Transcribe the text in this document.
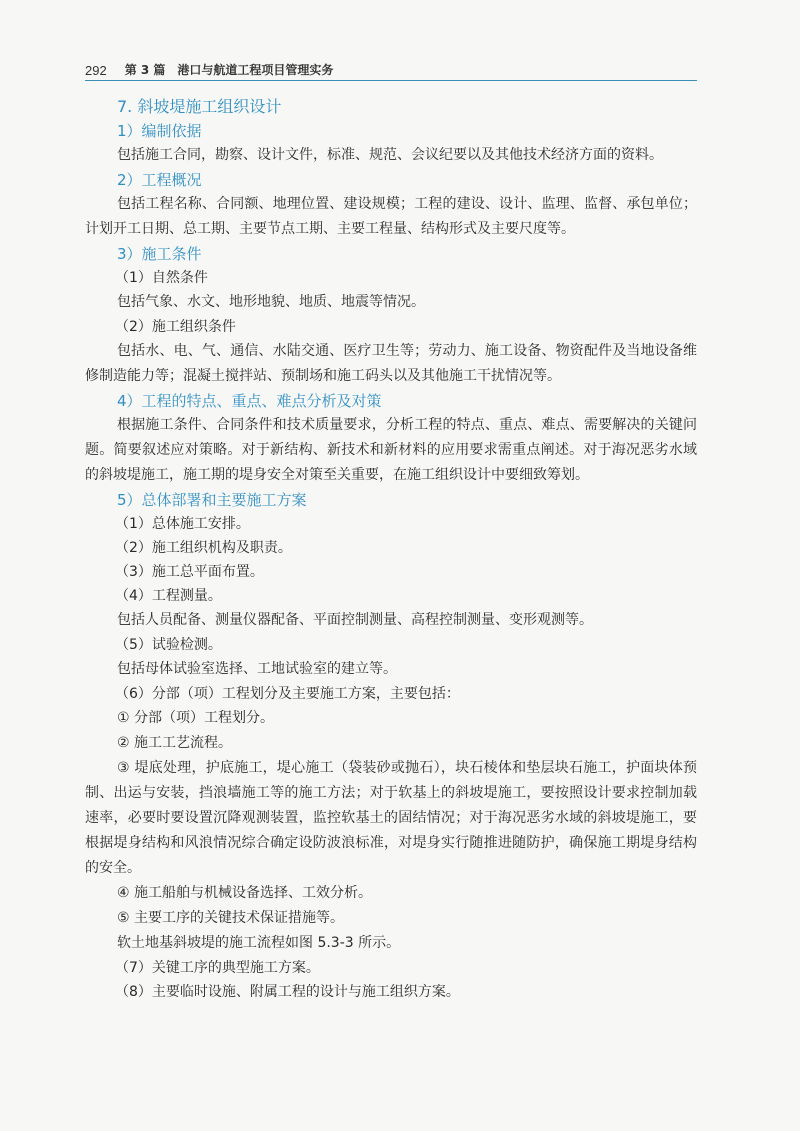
292 第 3 篇 港口与航道工程项目管理实务
7. 斜坡堤施工组织设计
1）编制依据

包括施工合同，勘察、设计文件，标准、规范、会议纪要以及其他技术经济方面的资料。

2）工程概况

包括工程名称、合同额、地理位置、建设规模；工程的建设、设计、监理、监督、承包单位；计划开工日期、总工期、主要节点工期、主要工程量、结构形式及主要尺度等。

3）施工条件
（1）自然条件

包括气象、水文、地形地貌、地质、地震等情况。

（2）施工组织条件

包括水、电、气、通信、水陆交通、医疗卫生等；劳动力、施工设备、物资配件及当地设备维修制造能力等；混凝土搅拌站、预制场和施工码头以及其他施工干扰情况等。

4）工程的特点、重点、难点分析及对策

根据施工条件、合同条件和技术质量要求，分析工程的特点、重点、难点、需要解决的关键问题。简要叙述应对策略。对于新结构、新技术和新材料的应用要求需重点阐述。对于海况恶劣水域的斜坡堤施工，施工期的堤身安全对策至关重要，在施工组织设计中要细致筹划。

5）总体部署和主要施工方案
（1）总体施工安排。
（2）施工组织机构及职责。
（3）施工总平面布置。
（4）工程测量。

包括人员配备、测量仪器配备、平面控制测量、高程控制测量、变形观测等。

（5）试验检测。

包括母体试验室选择、工地试验室的建立等。

（6）分部（项）工程划分及主要施工方案，主要包括：

① 分部（项）工程划分。

② 施工工艺流程。

③ 堤底处理，护底施工，堤心施工（袋装砂或抛石），块石棱体和垫层块石施工，护面块体预制、出运与安装，挡浪墙施工等的施工方法；对于软基上的斜坡堤施工，要按照设计要求控制加载速率，必要时要设置沉降观测装置，监控软基土的固结情况；对于海况恶劣水域的斜坡堤施工，要根据堤身结构和风浪情况综合确定设防波浪标准，对堤身实行随推进随防护，确保施工期堤身结构的安全。

④ 施工船舶与机械设备选择、工效分析。

⑤ 主要工序的关键技术保证措施等。

软土地基斜坡堤的施工流程如图 5.3-3 所示。

（7）关键工序的典型施工方案。
（8）主要临时设施、附属工程的设计与施工组织方案。
